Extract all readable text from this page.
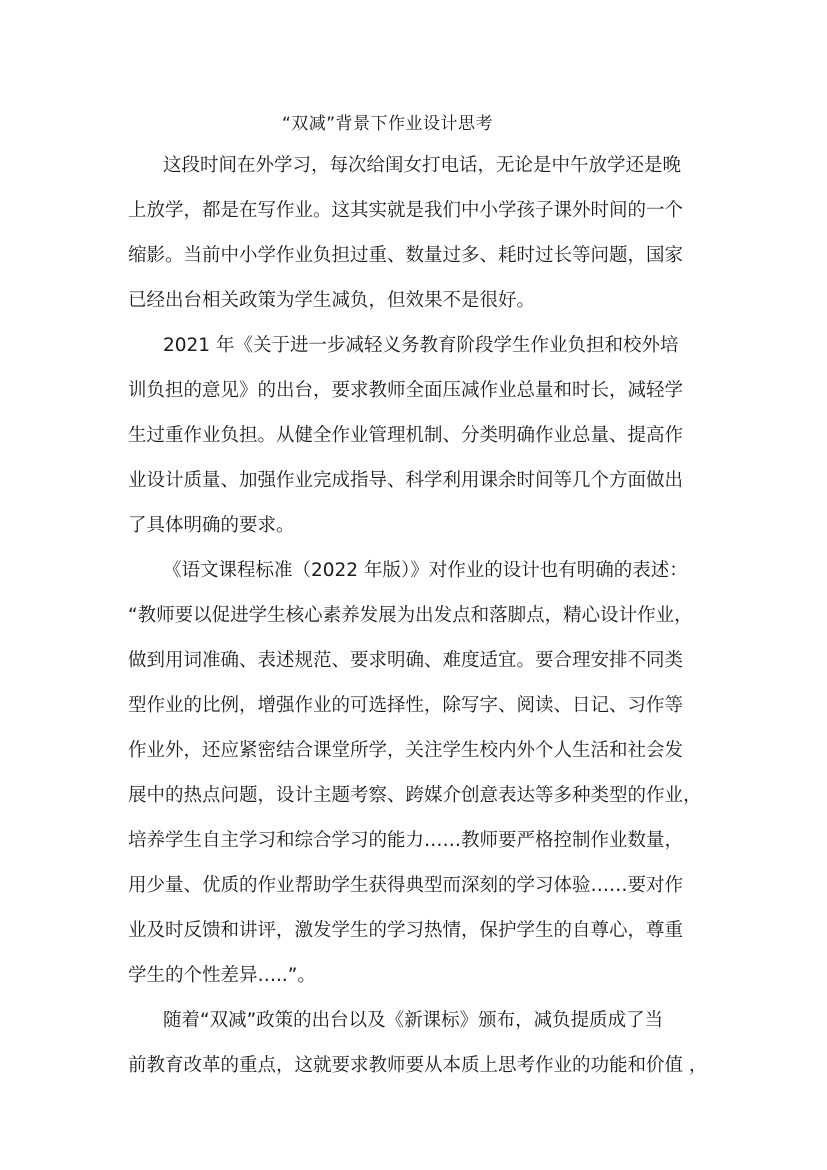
“双减”背景下作业设计思考
这段时间在外学习，每次给闺女打电话，无论是中午放学还是晚
上放学，都是在写作业。这其实就是我们中小学孩子课外时间的一个
缩影。当前中小学作业负担过重、数量过多、耗时过长等问题，国家
已经出台相关政策为学生减负，但效果不是很好。
2021 年《关于进一步减轻义务教育阶段学生作业负担和校外培
训负担的意见》的出台，要求教师全面压减作业总量和时长，减轻学
生过重作业负担。从健全作业管理机制、分类明确作业总量、提高作
业设计质量、加强作业完成指导、科学利用课余时间等几个方面做出
了具体明确的要求。
《语文课程标准（2022 年版）》对作业的设计也有明确的表述：
“教师要以促进学生核心素养发展为出发点和落脚点，精心设计作业，
做到用词准确、表述规范、要求明确、难度适宜。要合理安排不同类
型作业的比例，增强作业的可选择性，除写字、阅读、日记、习作等
作业外，还应紧密结合课堂所学，关注学生校内外个人生活和社会发
展中的热点问题，设计主题考察、跨媒介创意表达等多种类型的作业，
培养学生自主学习和综合学习的能力……教师要严格控制作业数量，
用少量、优质的作业帮助学生获得典型而深刻的学习体验……要对作
业及时反馈和讲评，激发学生的学习热情，保护学生的自尊心，尊重
学生的个性差异…..”。
随着“双减”政策的出台以及《新课标》颁布，减负提质成了当
前教育改革的重点，这就要求教师要从本质上思考作业的功能和价值 ，
